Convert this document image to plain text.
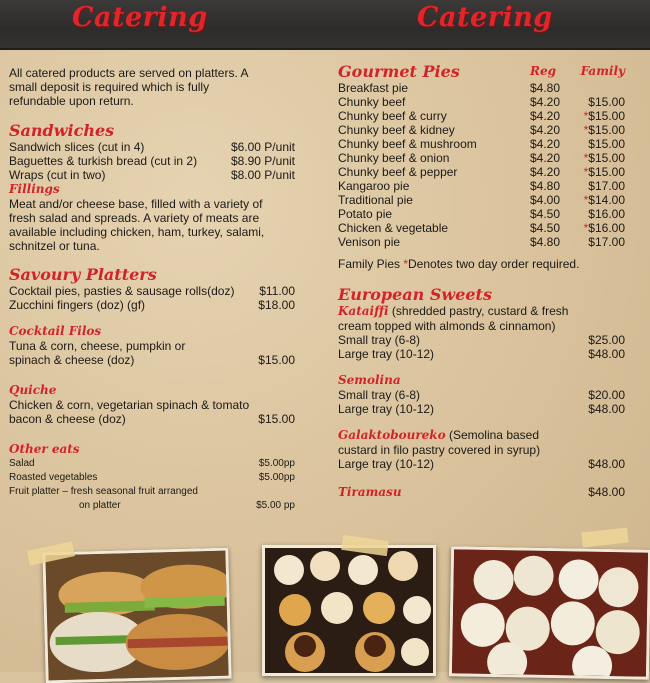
Catering	Catering
All catered products are served on platters. A small deposit is required which is fully refundable upon return.
Sandwiches
Sandwich slices (cut in 4)	$6.00 P/unit
Baguettes & turkish bread (cut in 2)	$8.90 P/unit
Wraps (cut in two)	$8.00 P/unit
Fillings
Meat and/or cheese base, filled with a variety of fresh salad and spreads. A variety of meats are available including chicken, ham, turkey, salami, schnitzel or tuna.
Savoury Platters
Cocktail pies, pasties & sausage rolls(doz) $11.00
Zucchini fingers (doz) (gf)	$18.00
Cocktail Filos
Tuna & corn, cheese, pumpkin or
spinach & cheese (doz)	$15.00
Quiche
Chicken & corn, vegetarian spinach & tomato
bacon & cheese (doz)	$15.00
Other eats
Salad	$5.00pp
Roasted vegetables	$5.00pp
Fruit platter – fresh seasonal fruit arranged
on platter	$5.00 pp
Gourmet Pies	Reg	Family
Breakfast pie	$4.80
Chunky beef	$4.20	$15.00
Chunky beef & curry	$4.20	*$15.00
Chunky beef & kidney	$4.20	*$15.00
Chunky beef & mushroom	$4.20	$15.00
Chunky beef & onion	$4.20	*$15.00
Chunky beef & pepper	$4.20	*$15.00
Kangaroo pie	$4.80	$17.00
Traditional pie	$4.00	*$14.00
Potato pie	$4.50	$16.00
Chicken & vegetable	$4.50	*$16.00
Venison pie	$4.80	$17.00
Family Pies *Denotes two day order required.
European Sweets
Kataiffi (shredded pastry, custard & fresh
cream topped with almonds & cinnamon)
Small tray (6-8)	$25.00
Large tray (10-12)	$48.00
Semolina
Small tray (6-8)	$20.00
Large tray (10-12)	$48.00
Galaktoboureko (Semolina based
custard in filo pastry covered in syrup)
Large tray (10-12)	$48.00
Tiramasu	$48.00
